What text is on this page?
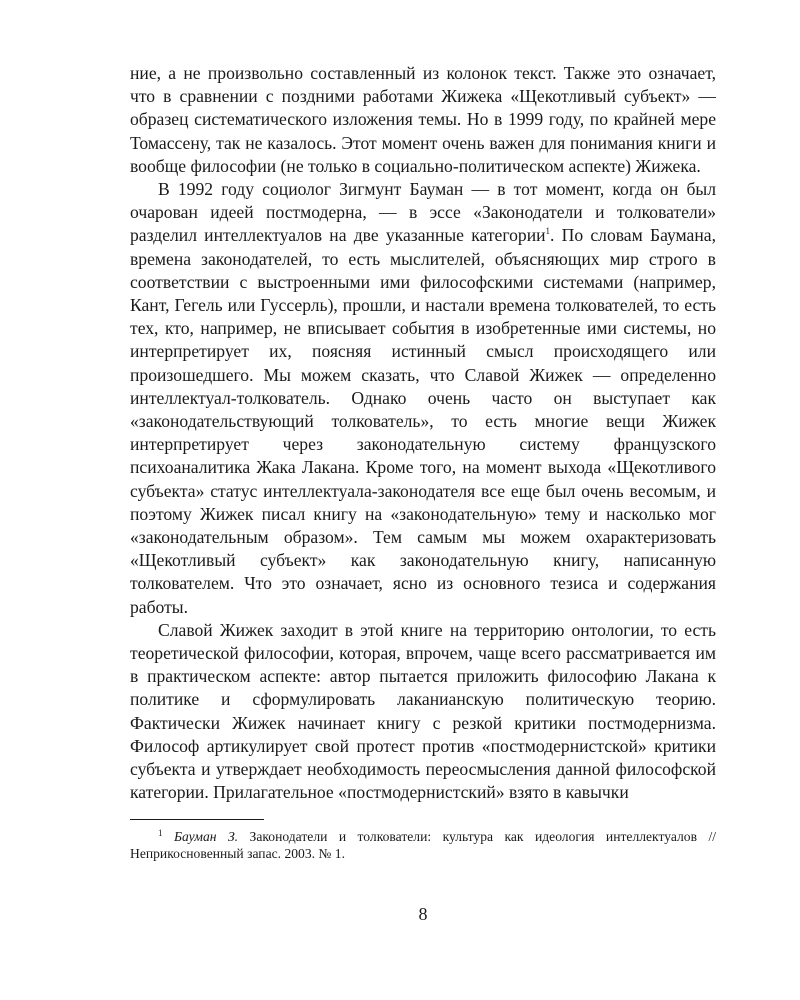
ние, а не произвольно составленный из колонок текст. Также это означает, что в сравнении с поздними работами Жижека «Щекотливый субъект» — образец систематического изложения темы. Но в 1999 году, по крайней мере Томассену, так не казалось. Этот момент очень важен для понимания книги и вообще философии (не только в социально-политическом аспекте) Жижека.

В 1992 году социолог Зигмунт Бауман — в тот момент, когда он был очарован идеей постмодерна, — в эссе «Законодатели и толкователи» разделил интеллектуалов на две указанные категории$^1$. По словам Баумана, времена законодателей, то есть мыслителей, объясняющих мир строго в соответствии с выстроенными ими философскими системами (например, Кант, Гегель или Гуссерль), прошли, и настали времена толкователей, то есть тех, кто, например, не вписывает события в изобретенные ими системы, но интерпретирует их, поясняя истинный смысл происходящего или произошедшего. Мы можем сказать, что Славой Жижек — определенно интеллектуал-толкователь. Однако очень часто он выступает как «законодательствующий толкователь», то есть многие вещи Жижек интерпретирует через законодательную систему французского психоаналитика Жака Лакана. Кроме того, на момент выхода «Щекотливого субъекта» статус интеллектуала-законодателя все еще был очень весомым, и поэтому Жижек писал книгу на «законодательную» тему и насколько мог «законодательным образом». Тем самым мы можем охарактеризовать «Щекотливый субъект» как законодательную книгу, написанную толкователем. Что это означает, ясно из основного тезиса и содержания работы.

Славой Жижек заходит в этой книге на территорию онтологии, то есть теоретической философии, которая, впрочем, чаще всего рассматривается им в практическом аспекте: автор пытается приложить философию Лакана к политике и сформулировать лаканианскую политическую теорию. Фактически Жижек начинает книгу с резкой критики постмодернизма. Философ артикулирует свой протест против «постмодернистской» критики субъекта и утверждает необходимость переосмысления данной философской категории. Прилагательное «постмодернистский» взято в кавычки

$^1$ Бауман З. Законодатели и толкователи: культура как идеология интеллектуалов // Неприкосновенный запас. 2003. № 1.

8
